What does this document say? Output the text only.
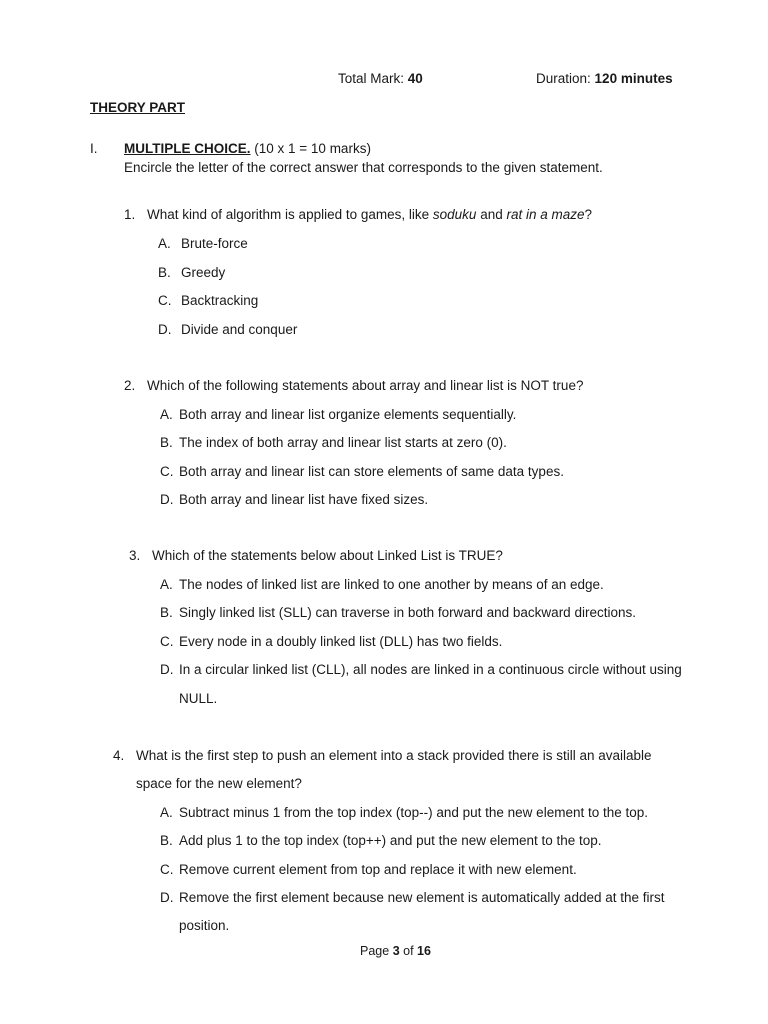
Total Mark: 40	Duration: 120 minutes
THEORY PART
I. MULTIPLE CHOICE. (10 x 1 = 10 marks)
Encircle the letter of the correct answer that corresponds to the given statement.
1. What kind of algorithm is applied to games, like soduku and rat in a maze?
A. Brute-force
B. Greedy
C. Backtracking
D. Divide and conquer
2. Which of the following statements about array and linear list is NOT true?
A. Both array and linear list organize elements sequentially.
B. The index of both array and linear list starts at zero (0).
C. Both array and linear list can store elements of same data types.
D. Both array and linear list have fixed sizes.
3. Which of the statements below about Linked List is TRUE?
A. The nodes of linked list are linked to one another by means of an edge.
B. Singly linked list (SLL) can traverse in both forward and backward directions.
C. Every node in a doubly linked list (DLL) has two fields.
D. In a circular linked list (CLL), all nodes are linked in a continuous circle without using
NULL.
4. What is the first step to push an element into a stack provided there is still an available
space for the new element?
A. Subtract minus 1 from the top index (top--) and put the new element to the top.
B. Add plus 1 to the top index (top++) and put the new element to the top.
C. Remove current element from top and replace it with new element.
D. Remove the first element because new element is automatically added at the first
position.
Page 3 of 16
